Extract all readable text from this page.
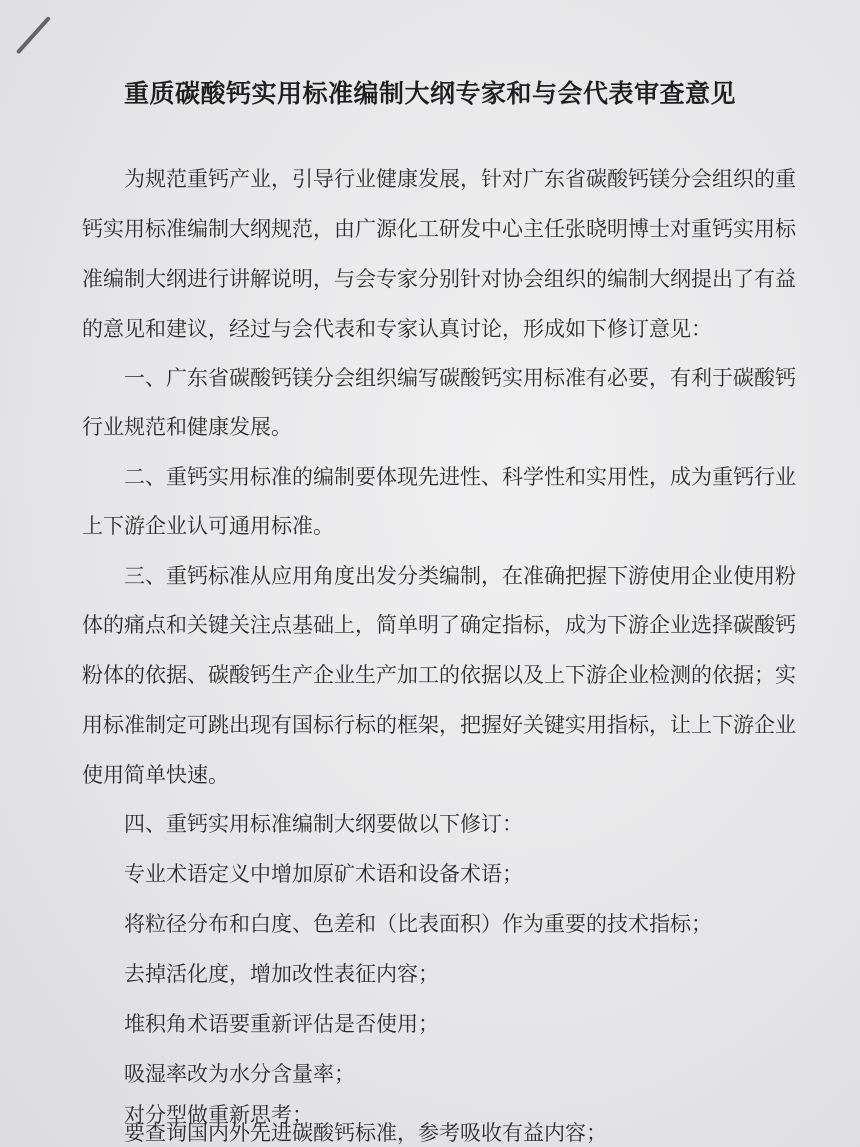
重质碳酸钙实用标准编制大纲专家和与会代表审查意见
为规范重钙产业，引导行业健康发展，针对广东省碳酸钙镁分会组织的重
钙实用标准编制大纲规范，由广源化工研发中心主任张晓明博士对重钙实用标
准编制大纲进行讲解说明，与会专家分别针对协会组织的编制大纲提出了有益
的意见和建议，经过与会代表和专家认真讨论，形成如下修订意见：
一、广东省碳酸钙镁分会组织编写碳酸钙实用标准有必要，有利于碳酸钙
行业规范和健康发展。
二、重钙实用标准的编制要体现先进性、科学性和实用性，成为重钙行业
上下游企业认可通用标准。
三、重钙标准从应用角度出发分类编制，在准确把握下游使用企业使用粉
体的痛点和关键关注点基础上，简单明了确定指标，成为下游企业选择碳酸钙
粉体的依据、碳酸钙生产企业生产加工的依据以及上下游企业检测的依据；实
用标准制定可跳出现有国标行标的框架，把握好关键实用指标，让上下游企业
使用简单快速。
四、重钙实用标准编制大纲要做以下修订：
专业术语定义中增加原矿术语和设备术语；
将粒径分布和白度、色差和（比表面积）作为重要的技术指标；
去掉活化度，增加改性表征内容；
堆积角术语要重新评估是否使用；
吸湿率改为水分含量率；
对分型做重新思考；
要查询国内外先进碳酸钙标准，参考吸收有益内容；
